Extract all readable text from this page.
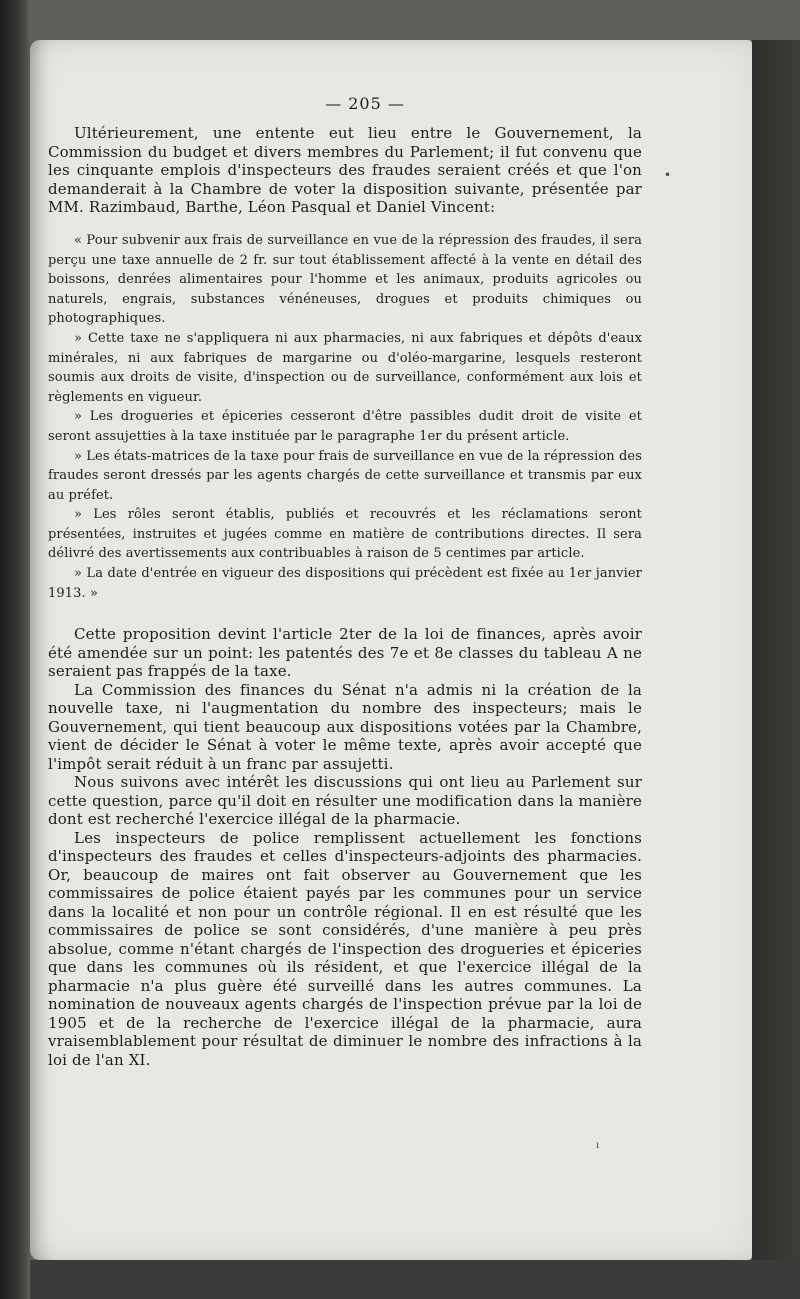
•
ı
— 205 —

Ultérieurement, une entente eut lieu entre le Gouvernement, la Commission du budget et divers membres du Parlement; il fut convenu que les cinquante emplois d'inspecteurs des fraudes seraient créés et que l'on demanderait à la Chambre de voter la disposition suivante, présentée par MM. Razimbaud, Barthe, Léon Pasqual et Daniel Vincent:

« Pour subvenir aux frais de surveillance en vue de la répression des fraudes, il sera perçu une taxe annuelle de 2 fr. sur tout établissement affecté à la vente en détail des boissons, denrées alimentaires pour l'homme et les animaux, produits agricoles ou naturels, engrais, substances vénéneuses, drogues et produits chimiques ou photographiques.

» Cette taxe ne s'appliquera ni aux pharmacies, ni aux fabriques et dépôts d'eaux minérales, ni aux fabriques de margarine ou d'oléo-margarine, lesquels resteront soumis aux droits de visite, d'inspection ou de surveillance, conformément aux lois et règlements en vigueur.

» Les drogueries et épiceries cesseront d'être passibles dudit droit de visite et seront assujetties à la taxe instituée par le paragraphe 1er du présent article.

» Les états-matrices de la taxe pour frais de surveillance en vue de la répression des fraudes seront dressés par les agents chargés de cette surveillance et transmis par eux au préfet.

» Les rôles seront établis, publiés et recouvrés et les réclamations seront présentées, instruites et jugées comme en matière de contributions directes. Il sera délivré des avertissements aux contribuables à raison de 5 centimes par article.

» La date d'entrée en vigueur des dispositions qui précèdent est fixée au 1er janvier 1913. »

Cette proposition devint l'article 2ter de la loi de finances, après avoir été amendée sur un point: les patentés des 7e et 8e classes du tableau A ne seraient pas frappés de la taxe.

La Commission des finances du Sénat n'a admis ni la création de la nouvelle taxe, ni l'augmentation du nombre des inspecteurs; mais le Gouvernement, qui tient beaucoup aux dispositions votées par la Chambre, vient de décider le Sénat à voter le même texte, après avoir accepté que l'impôt serait réduit à un franc par assujetti.

Nous suivons avec intérêt les discussions qui ont lieu au Parlement sur cette question, parce qu'il doit en résulter une modification dans la manière dont est recherché l'exercice illégal de la pharmacie.

Les inspecteurs de police remplissent actuellement les fonctions d'inspecteurs des fraudes et celles d'inspecteurs-adjoints des pharmacies. Or, beaucoup de maires ont fait observer au Gouvernement que les commissaires de police étaient payés par les communes pour un service dans la localité et non pour un contrôle régional. Il en est résulté que les commissaires de police se sont considérés, d'une manière à peu près absolue, comme n'étant chargés de l'inspection des drogueries et épiceries que dans les communes où ils résident, et que l'exercice illégal de la pharmacie n'a plus guère été surveillé dans les autres communes. La nomination de nouveaux agents chargés de l'inspection prévue par la loi de 1905 et de la recherche de l'exercice illégal de la pharmacie, aura vraisemblablement pour résultat de diminuer le nombre des infractions à la loi de l'an XI.
